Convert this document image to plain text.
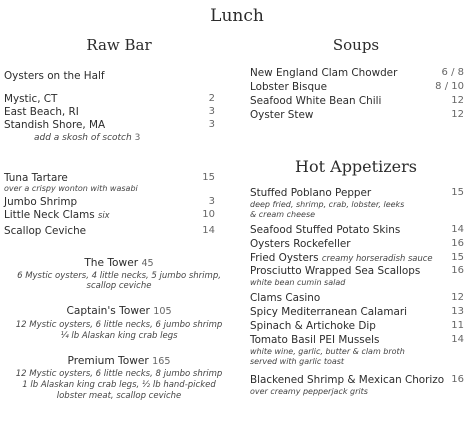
Lunch
Raw Bar
Oysters on the Half
Mystic, CT	2
East Beach, RI	3
Standish Shore, MA	3
add a skosh of scotch 3
Tuna Tartare	15
over a crispy wonton with wasabi
Jumbo Shrimp	3
Little Neck Clams six	10
Scallop Ceviche	14
The Tower 45
6 Mystic oysters, 4 little necks, 5 jumbo shrimp,
scallop ceviche
Captain's Tower 105
12 Mystic oysters, 6 little necks, 6 jumbo shrimp
¼ lb Alaskan king crab legs
Premium Tower 165
12 Mystic oysters, 6 little necks, 8 jumbo shrimp
1 lb Alaskan king crab legs, ½ lb hand-picked
lobster meat, scallop ceviche
Soups
New England Clam Chowder	6 / 8
Lobster Bisque	8 / 10
Seafood White Bean Chili	12
Oyster Stew	12
Hot Appetizers
Stuffed Poblano Pepper	15
deep fried, shrimp, crab, lobster, leeks
& cream cheese
Seafood Stuffed Potato Skins	14
Oysters Rockefeller	16
Fried Oysters creamy horseradish sauce	15
Prosciutto Wrapped Sea Scallops	16
white bean cumin salad
Clams Casino	12
Spicy Mediterranean Calamari	13
Spinach & Artichoke Dip	11
Tomato Basil PEI Mussels	14
white wine, garlic, butter & clam broth
served with garlic toast
Blackened Shrimp & Mexican Chorizo 16
over creamy pepperjack grits
